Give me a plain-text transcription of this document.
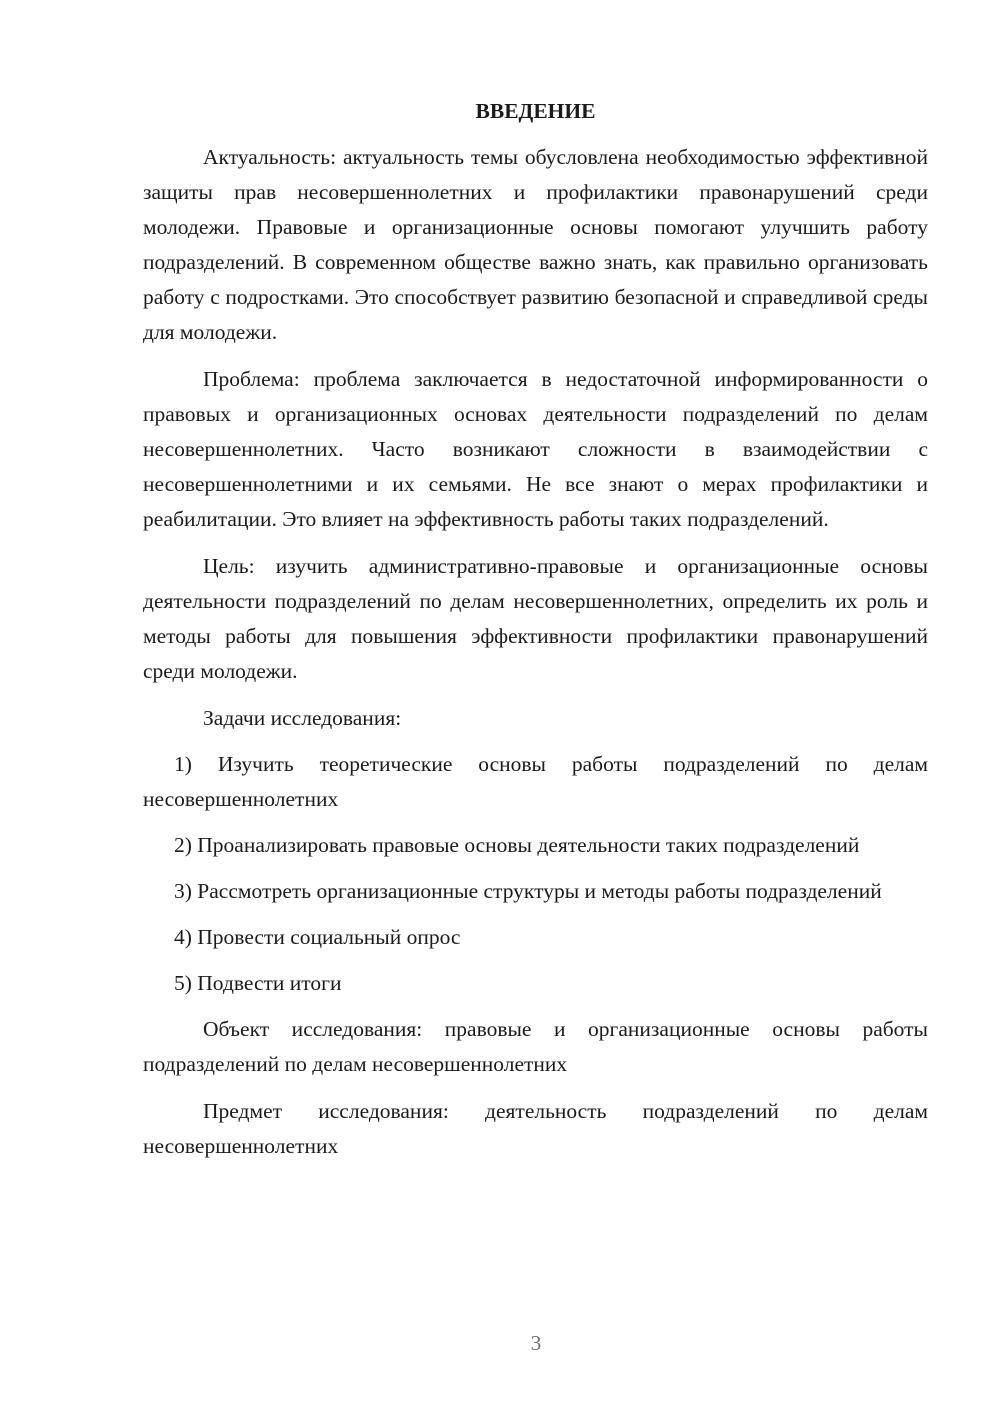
ВВЕДЕНИЕ

Актуальность: актуальность темы обусловлена необходимостью эффективной защиты прав несовершеннолетних и профилактики правонарушений среди молодежи. Правовые и организационные основы помогают улучшить работу подразделений. В современном обществе важно знать, как правильно организовать работу с подростками. Это способствует развитию безопасной и справедливой среды для молодежи.

Проблема: проблема заключается в недостаточной информированности о правовых и организационных основах деятельности подразделений по делам несовершеннолетних. Часто возникают сложности в взаимодействии с несовершеннолетними и их семьями. Не все знают о мерах профилактики и реабилитации. Это влияет на эффективность работы таких подразделений.

Цель: изучить административно-правовые и организационные основы деятельности подразделений по делам несовершеннолетних, определить их роль и методы работы для повышения эффективности профилактики правонарушений среди молодежи.

Задачи исследования:

1) Изучить теоретические основы работы подразделений по делам несовершеннолетних

2) Проанализировать правовые основы деятельности таких подразделений

3) Рассмотреть организационные структуры и методы работы подразделений

4) Провести социальный опрос

5) Подвести итоги

Объект исследования: правовые и организационные основы работы подразделений по делам несовершеннолетних

Предмет исследования: деятельность подразделений по делам несовершеннолетних

3
